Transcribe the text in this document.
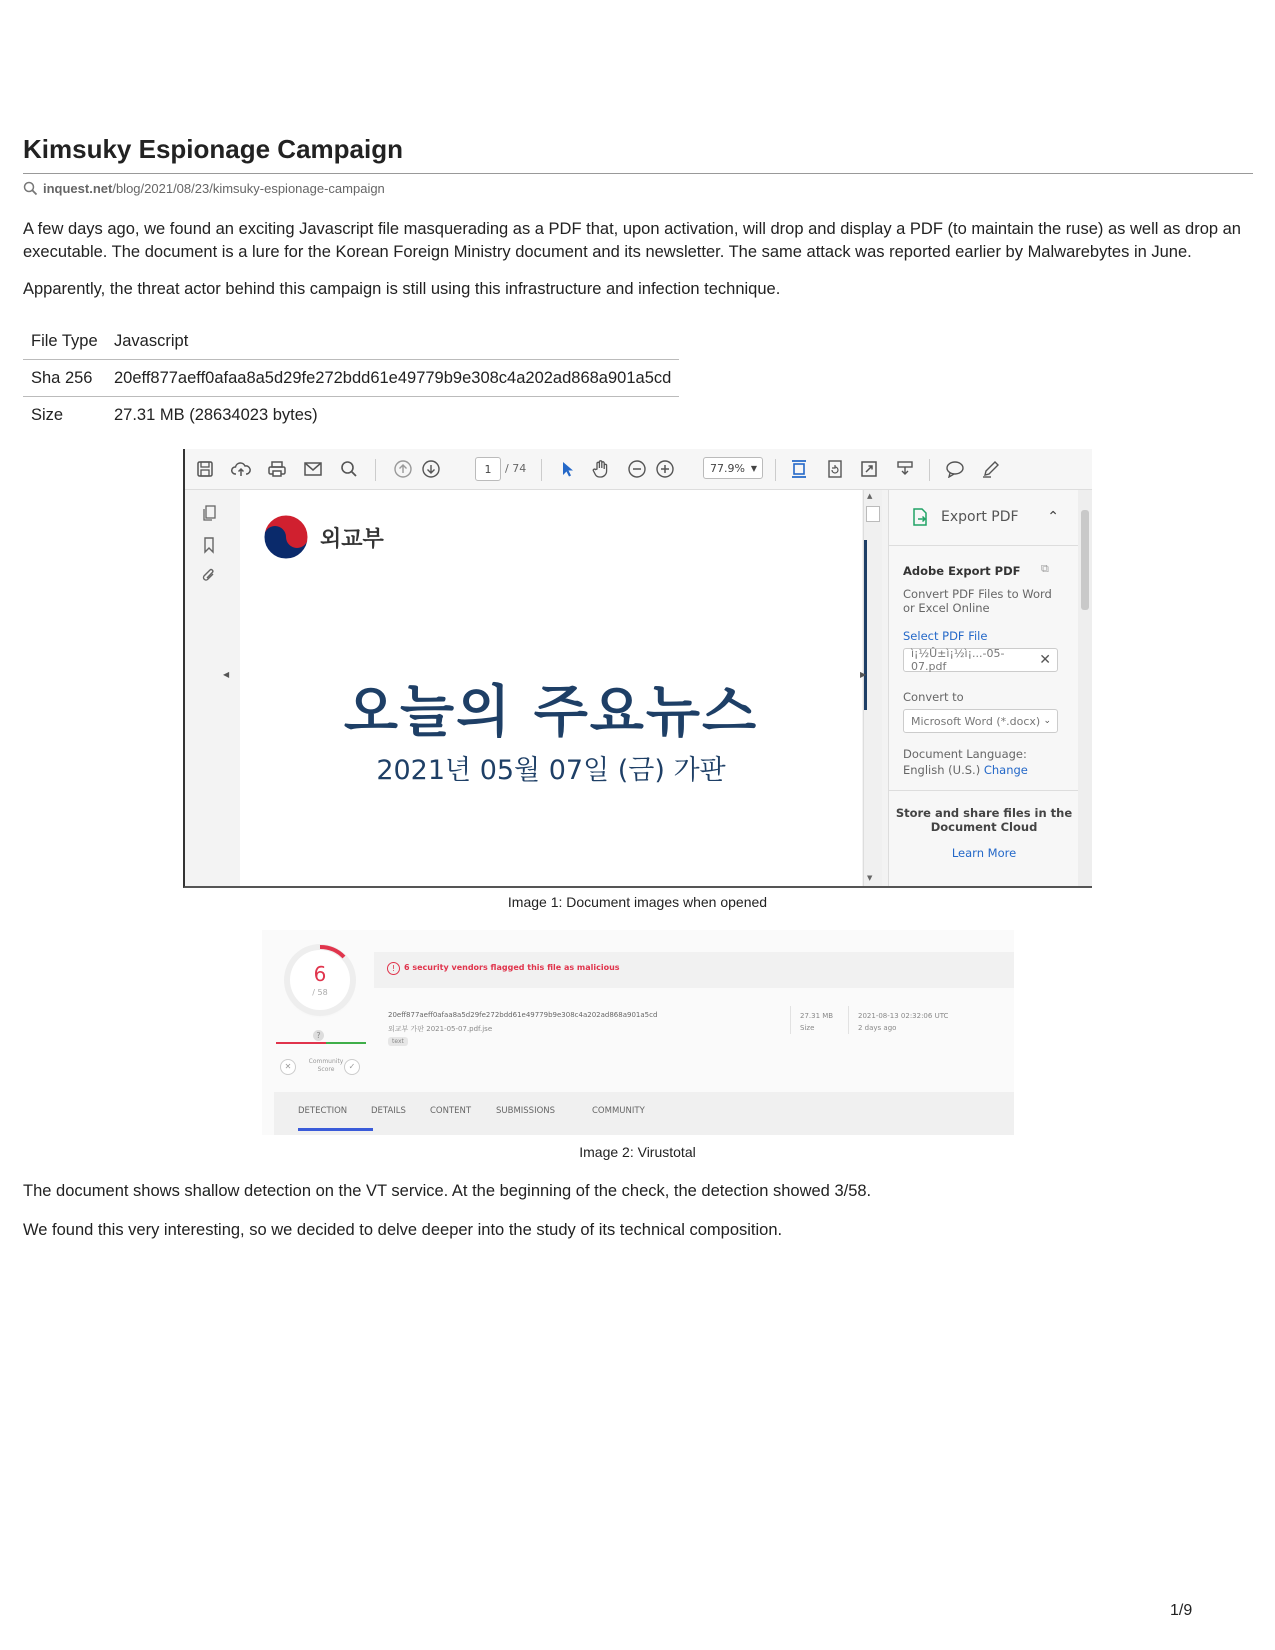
Kimsuky Espionage Campaign
inquest.net /blog/2021/08/23/kimsuky-espionage-campaign

A few days ago, we found an exciting Javascript file masquerading as a PDF that, upon activation, will drop and display a PDF (to maintain the ruse) as well as drop an executable. The document is a lure for the Korean Foreign Ministry document and its newsletter. The same attack was reported earlier by Malwarebytes in June.

Apparently, the threat actor behind this campaign is still using this infrastructure and infection technique.

File Type	Javascript
Sha 256	20eff877aeff0afaa8a5d29fe272bdd61e49779b9e308c4a202ad868a901a5cd
Size	27.31 MB (28634023 bytes)
1	/ 74	77.9% ▼
◀
외교부
오늘의 주요뉴스
2021년 05월 07일 (금) 가판
▲
▶
▼
Export PDF ⌃
Adobe Export PDF ⧉
Convert PDF Files to Word
or Excel Online
Select PDF File
ì¡½Û±ì¡½ì¡...-05-07.pdf	✕
Convert to
Microsoft Word (*.docx) ⌄
Document Language:
English (U.S.) Change
Store and share files in the
Document Cloud
Learn More
Image 1: Document images when opened
6
/ 58
?
✕
Community Score	✓
!	6 security vendors flagged this file as malicious
20eff877aeff0afaa8a5d29fe272bdd61e49779b9e308c4a202ad868a901a5cd
외교부 가판 2021-05-07.pdf.jse
text
27.31 MB
Size
2021-08-13 02:32:06 UTC
2 days ago
DETECTION	DETAILS	CONTENT	SUBMISSIONS	COMMUNITY
Image 2: Virustotal

The document shows shallow detection on the VT service. At the beginning of the check, the detection showed 3/58.

We found this very interesting, so we decided to delve deeper into the study of its technical composition.

1/9
